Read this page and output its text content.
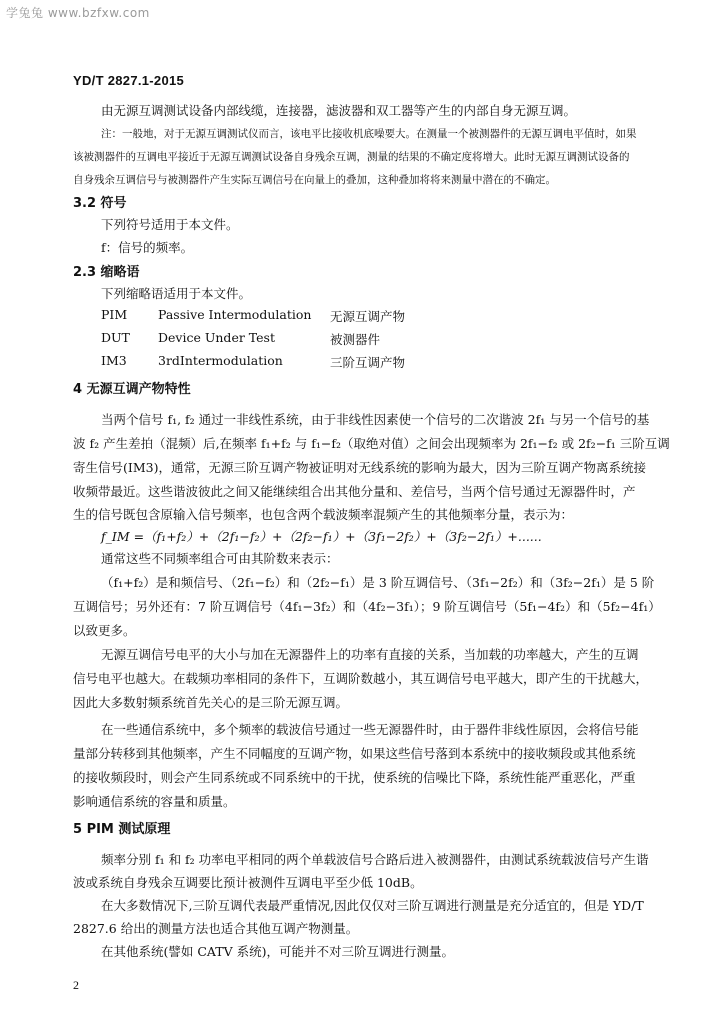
学兔兔 www.bzfxw.com
YD/T 2827.1-2015
由无源互调测试设备内部线缆，连接器，滤波器和双工器等产生的内部自身无源互调。
注：一般地，对于无源互调测试仪而言，该电平比接收机底噪要大。在测量一个被测器件的无源互调电平值时，如果
该被测器件的互调电平接近于无源互调测试设备自身残余互调，测量的结果的不确定度将增大。此时无源互调测试设备的
自身残余互调信号与被测器件产生实际互调信号在向量上的叠加，这种叠加将将来测量中潜在的不确定。
3.2 符号
下列符号适用于本文件。
f：信号的频率。
2.3 缩略语
下列缩略语适用于本文件。
PIM Passive Intermodulation 无源互调产物
DUT Device Under Test	被测器件
IM3	3rdIntermodulation	三阶互调产物
4 无源互调产物特性
当两个信号 f₁, f₂ 通过一非线性系统，由于非线性因素使一个信号的二次谐波 2f₁ 与另一个信号的基
波 f₂ 产生差拍（混频）后,在频率 f₁+f₂ 与 f₁−f₂（取绝对值）之间会出现频率为 2f₁−f₂ 或 2f₂−f₁ 三阶互调
寄生信号(IM3)，通常，无源三阶互调产物被证明对无线系统的影响为最大，因为三阶互调产物离系统接
收频带最近。这些谐波彼此之间又能继续组合出其他分量和、差信号，当两个信号通过无源器件时，产
生的信号既包含原输入信号频率，也包含两个载波频率混频产生的其他频率分量，表示为：
f_IM =（f₁+f₂）+（2f₁−f₂）+（2f₂−f₁）+（3f₁−2f₂）+（3f₂−2f₁）+......
通常这些不同频率组合可由其阶数来表示：
（f₁+f₂）是和频信号、（2f₁−f₂）和（2f₂−f₁）是 3 阶互调信号、（3f₁−2f₂）和（3f₂−2f₁）是 5 阶
互调信号；另外还有：7 阶互调信号（4f₁−3f₂）和（4f₂−3f₁）；9 阶互调信号（5f₁−4f₂）和（5f₂−4f₁）
以致更多。
无源互调信号电平的大小与加在无源器件上的功率有直接的关系，当加载的功率越大，产生的互调
信号电平也越大。在载频功率相同的条件下，互调阶数越小，其互调信号电平越大，即产生的干扰越大，
因此大多数射频系统首先关心的是三阶无源互调。
在一些通信系统中，多个频率的载波信号通过一些无源器件时，由于器件非线性原因，会将信号能
量部分转移到其他频率，产生不同幅度的互调产物，如果这些信号落到本系统中的接收频段或其他系统
的接收频段时，则会产生同系统或不同系统中的干扰，使系统的信噪比下降，系统性能严重恶化，严重
影响通信系统的容量和质量。
5 PIM 测试原理
频率分别 f₁ 和 f₂ 功率电平相同的两个单载波信号合路后进入被测器件，由测试系统载波信号产生谐
波或系统自身残余互调要比预计被测件互调电平至少低 10dB。
在大多数情况下,三阶互调代表最严重情况,因此仅仅对三阶互调进行测量是充分适宜的，但是 YD/T
2827.6 给出的测量方法也适合其他互调产物测量。
在其他系统(譬如 CATV 系统)，可能并不对三阶互调进行测量。
2
